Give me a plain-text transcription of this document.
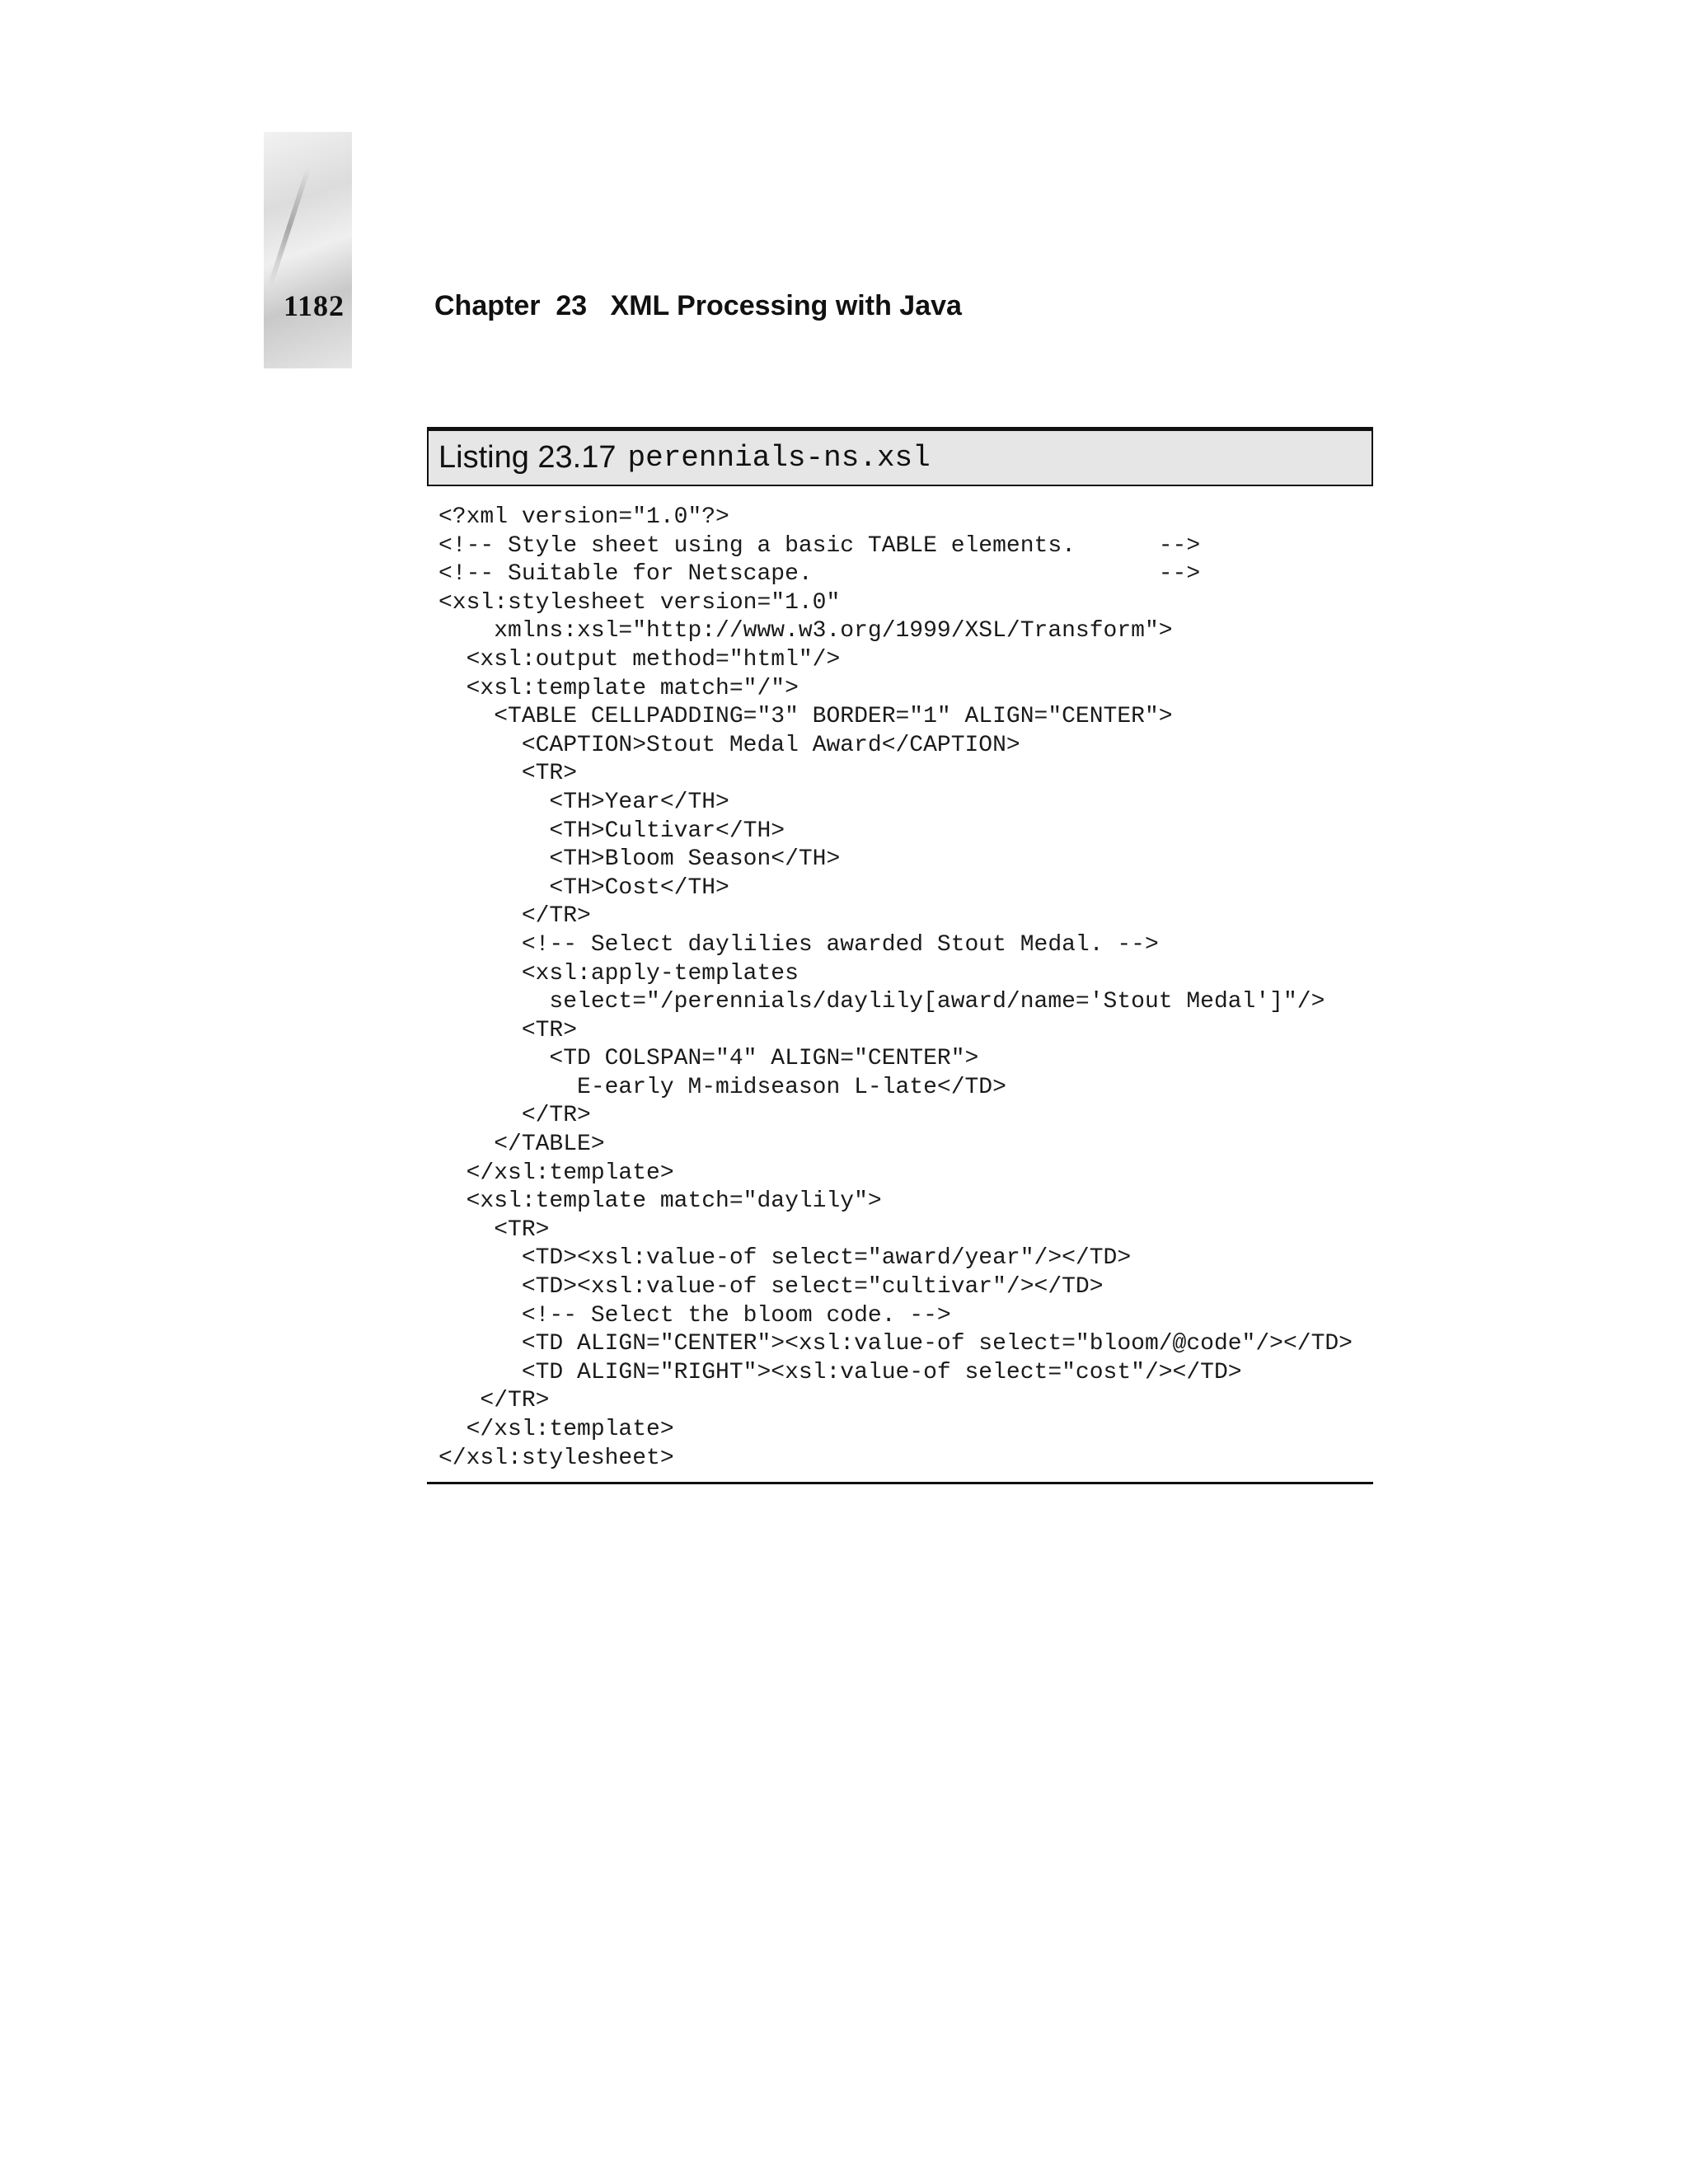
1182	Chapter  23   XML Processing with Java
Listing 23.17 perennials-ns.xsl
<?xml version="1.0"?>
<!-- Style sheet using a basic TABLE elements.      -->
<!-- Suitable for Netscape.                         -->
<xsl:stylesheet version="1.0"
xmlns:xsl="http://www.w3.org/1999/XSL/Transform">
<xsl:output method="html"/>
<xsl:template match="/">
<TABLE CELLPADDING="3" BORDER="1" ALIGN="CENTER">
<CAPTION>Stout Medal Award</CAPTION>
<TR>
<TH>Year</TH>
<TH>Cultivar</TH>
<TH>Bloom Season</TH>
<TH>Cost</TH>
</TR>
<!-- Select daylilies awarded Stout Medal. -->
<xsl:apply-templates
select="/perennials/daylily[award/name='Stout Medal']"/>
<TR>
<TD COLSPAN="4" ALIGN="CENTER">
E-early M-midseason L-late</TD>
</TR>
</TABLE>
</xsl:template>
<xsl:template match="daylily">
<TR>
<TD><xsl:value-of select="award/year"/></TD>
<TD><xsl:value-of select="cultivar"/></TD>
<!-- Select the bloom code. -->
<TD ALIGN="CENTER"><xsl:value-of select="bloom/@code"/></TD>
<TD ALIGN="RIGHT"><xsl:value-of select="cost"/></TD>
</TR>
</xsl:template>
</xsl:stylesheet>
